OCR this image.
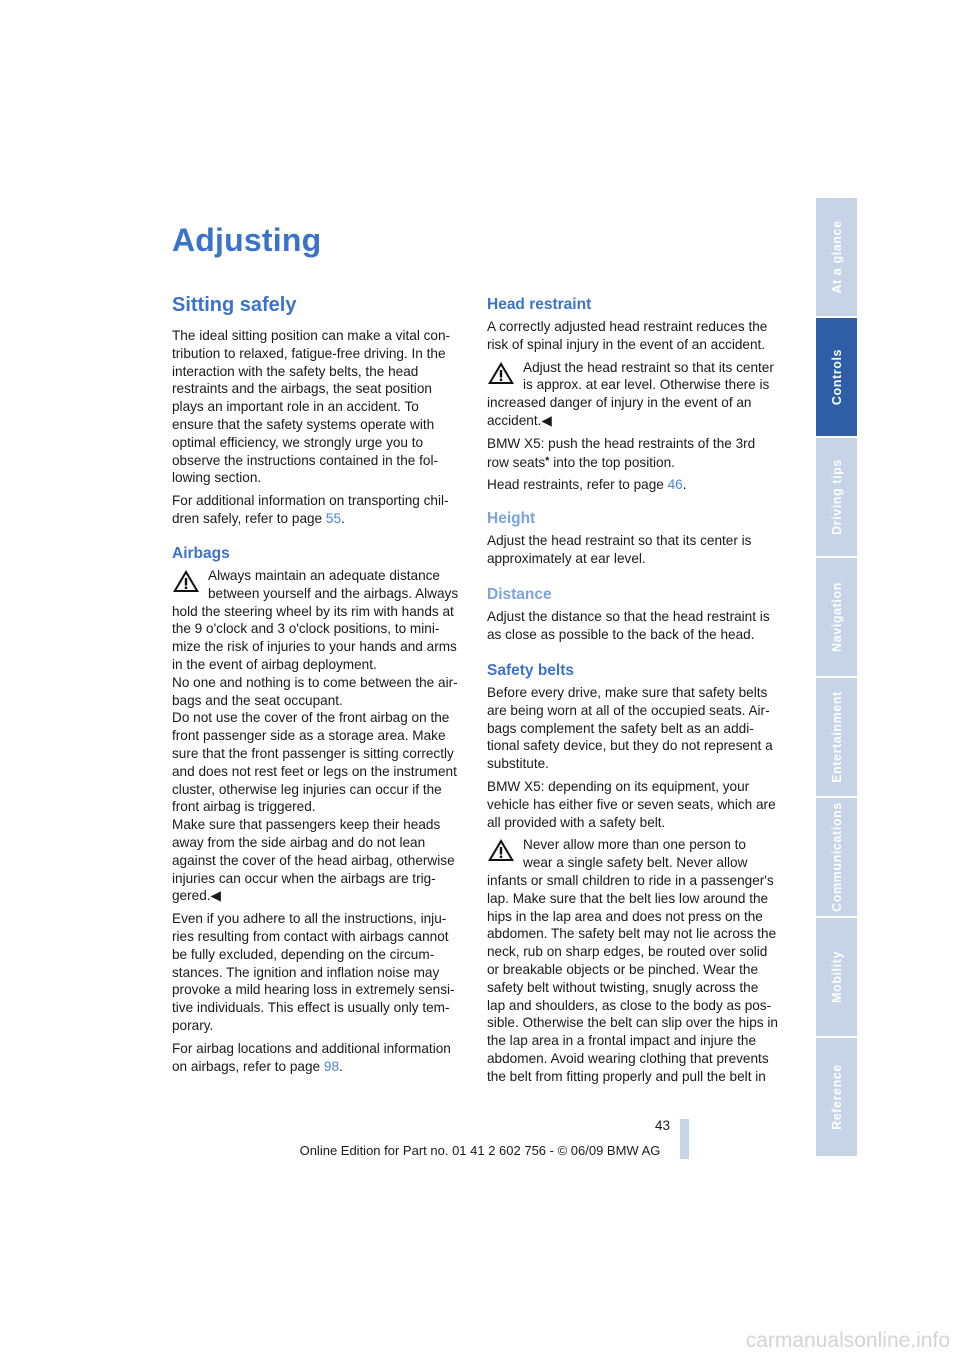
Adjusting
Sitting safely

The ideal sitting position can make a vital con-tribution to relaxed, fatigue-free driving. In the interaction with the safety belts, the head restraints and the airbags, the seat position plays an important role in an accident. To ensure that the safety systems operate with optimal efficiency, we strongly urge you to observe the instructions contained in the fol-lowing section.

For additional information on transporting chil-dren safely, refer to page 55.

Airbags

Always maintain an adequate distance between yourself and the airbags. Always hold the steering wheel by its rim with hands at the 9 o'clock and 3 o'clock positions, to mini-mize the risk of injuries to your hands and arms in the event of airbag deployment.
No one and nothing is to come between the air-bags and the seat occupant.
Do not use the cover of the front airbag on the front passenger side as a storage area. Make sure that the front passenger is sitting correctly and does not rest feet or legs on the instrument cluster, otherwise leg injuries can occur if the front airbag is triggered.
Make sure that passengers keep their heads away from the side airbag and do not lean against the cover of the head airbag, otherwise injuries can occur when the airbags are trig-gered.◀

Even if you adhere to all the instructions, inju-ries resulting from contact with airbags cannot be fully excluded, depending on the circum-stances. The ignition and inflation noise may provoke a mild hearing loss in extremely sensi-tive individuals. This effect is usually only tem-porary.

For airbag locations and additional information on airbags, refer to page 98.

Head restraint

A correctly adjusted head restraint reduces the risk of spinal injury in the event of an accident.

Adjust the head restraint so that its center is approx. at ear level. Otherwise there is increased danger of injury in the event of an accident.◀

BMW X5: push the head restraints of the 3rd row seats* into the top position.

Head restraints, refer to page 46.

Height

Adjust the head restraint so that its center is approximately at ear level.

Distance

Adjust the distance so that the head restraint is as close as possible to the back of the head.

Safety belts

Before every drive, make sure that safety belts are being worn at all of the occupied seats. Air-bags complement the safety belt as an addi-tional safety device, but they do not represent a substitute.

BMW X5: depending on its equipment, your vehicle has either five or seven seats, which are all provided with a safety belt.

Never allow more than one person to wear a single safety belt. Never allow infants or small children to ride in a passenger's lap. Make sure that the belt lies low around the hips in the lap area and does not press on the abdomen. The safety belt may not lie across the neck, rub on sharp edges, be routed over solid or breakable objects or be pinched. Wear the safety belt without twisting, snugly across the lap and shoulders, as close to the body as pos-sible. Otherwise the belt can slip over the hips in the lap area in a frontal impact and injure the abdomen. Avoid wearing clothing that prevents the belt from fitting properly and pull the belt in

At a glance
Controls
Driving tips
Navigation
Entertainment
Communications
Mobility
Reference
43
Online Edition for Part no. 01 41 2 602 756 - © 06/09 BMW AG
carmanualsonline.info
